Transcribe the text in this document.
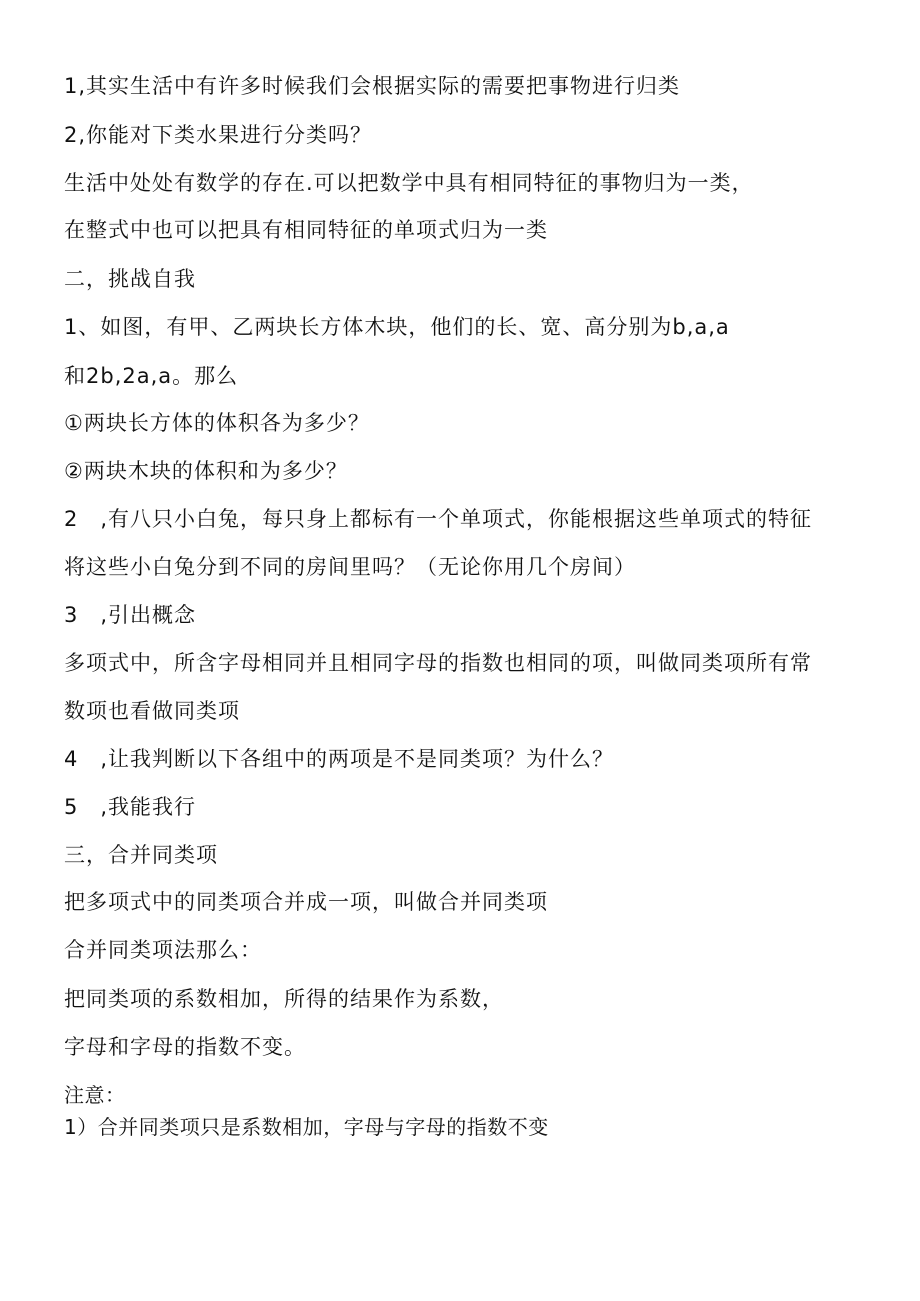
1,其实生活中有许多时候我们会根据实际的需要把事物进行归类
2,你能对下类水果进行分类吗？
生活中处处有数学的存在.可以把数学中具有相同特征的事物归为一类，
在整式中也可以把具有相同特征的单项式归为一类
二，挑战自我
1、如图，有甲、乙两块长方体木块，他们的长、宽、高分别为b,a,a
和2b,2a,a。那么
①两块长方体的体积各为多少？
②两块木块的体积和为多少？
2　,有八只小白兔，每只身上都标有一个单项式，你能根据这些单项式的特征
将这些小白兔分到不同的房间里吗？（无论你用几个房间）
3　,引出概念
多项式中，所含字母相同并且相同字母的指数也相同的项，叫做同类项所有常
数项也看做同类项
4　,让我判断以下各组中的两项是不是同类项？为什么？
5　,我能我行
三，合并同类项
把多项式中的同类项合并成一项，叫做合并同类项
合并同类项法那么：
把同类项的系数相加，所得的结果作为系数，
字母和字母的指数不变。
注意：
1）合并同类项只是系数相加，字母与字母的指数不变
